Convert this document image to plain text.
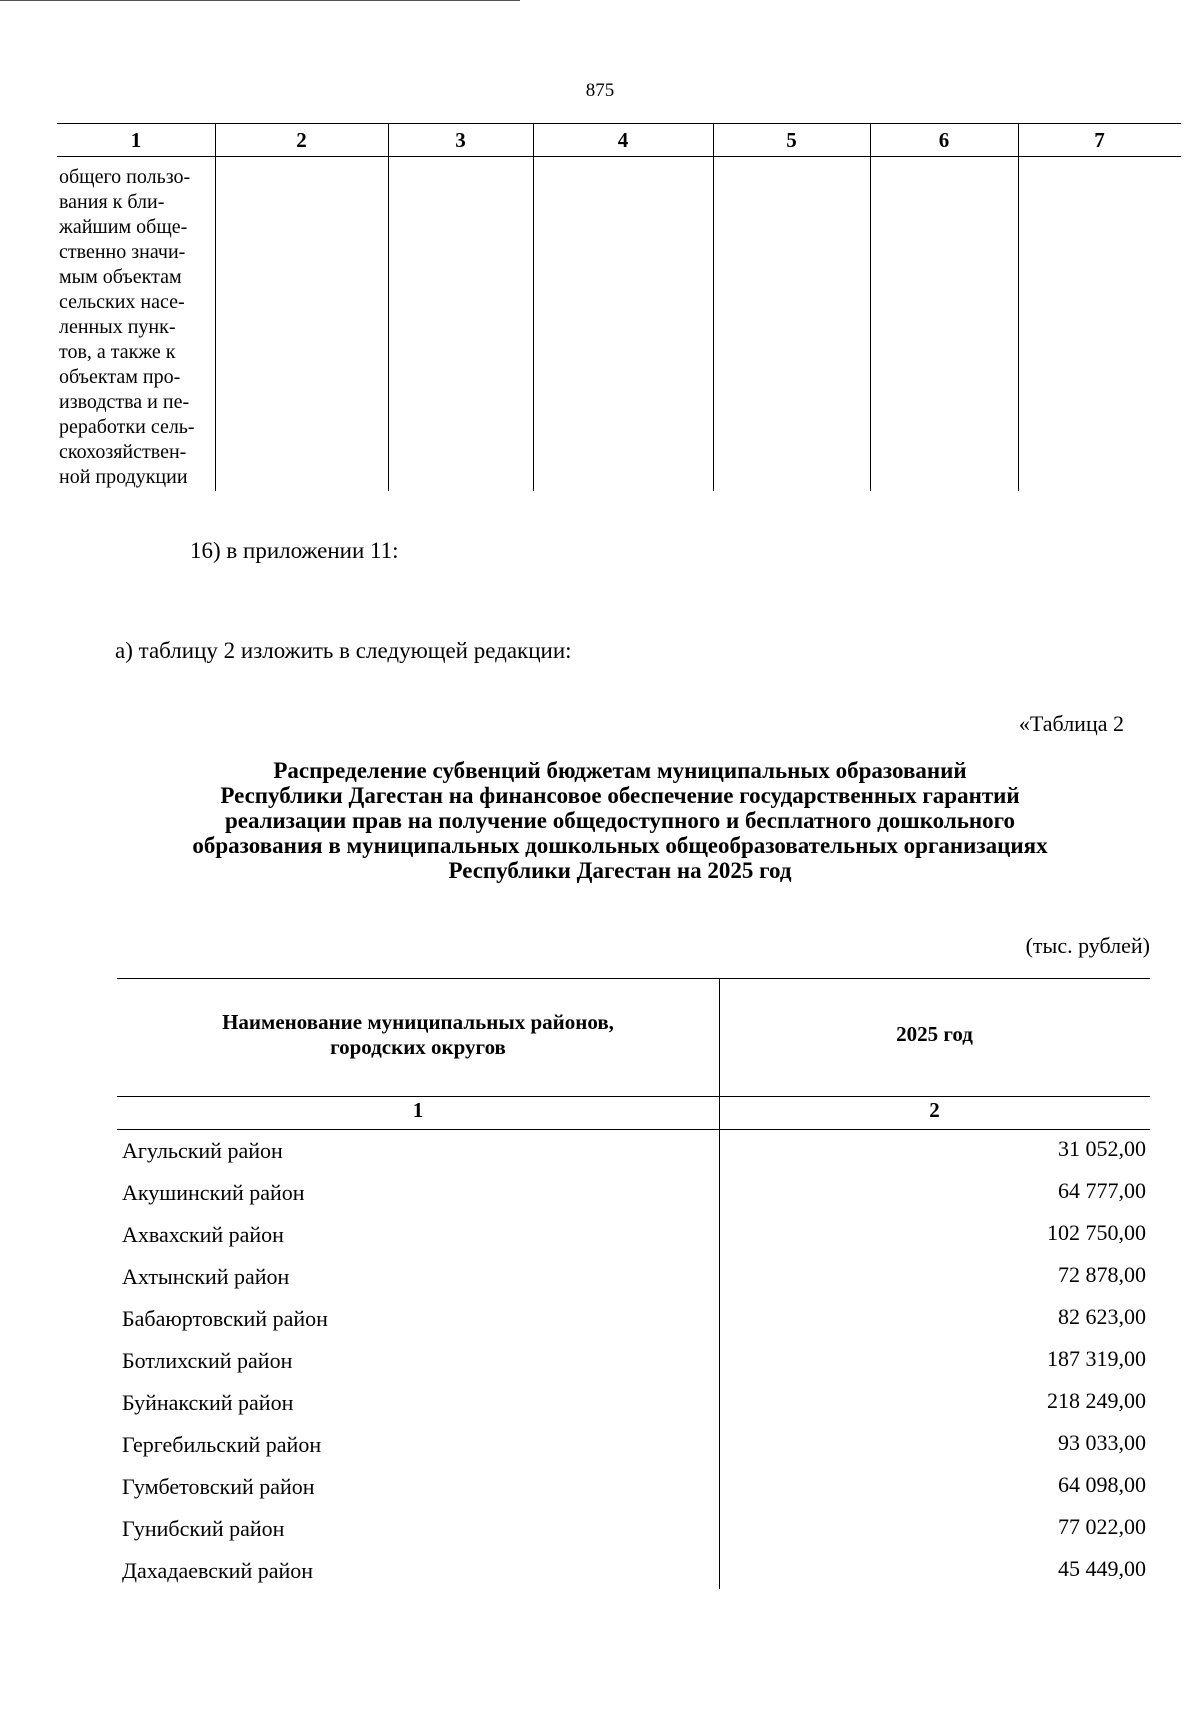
875
1	2	3	4	5	6	7
общего пользо-
вания к бли-
жайшим обще-
ственно значи-
мым объектам
сельских насе-
ленных пунк-
тов, а также к
объектам про-
изводства и пе-
реработки сель-
скохозяйствен-
ной продукции
16) в приложении 11:
а) таблицу 2 изложить в следующей редакции:
«Таблица 2
Распределение субвенций бюджетам муниципальных образований
Республики Дагестан на финансовое обеспечение государственных гарантий
реализации прав на получение общедоступного и бесплатного дошкольного
образования в муниципальных дошкольных общеобразовательных организациях
Республики Дагестан на 2025 год
(тыс. рублей)
Наименование муниципальных районов,
городских округов
2025 год
1	2
Агульский район	31 052,00
Акушинский район	64 777,00
Ахвахский район	102 750,00
Ахтынский район	72 878,00
Бабаюртовский район	82 623,00
Ботлихский район	187 319,00
Буйнакский район	218 249,00
Гергебильский район	93 033,00
Гумбетовский район	64 098,00
Гунибский район	77 022,00
Дахадаевский район	45 449,00
